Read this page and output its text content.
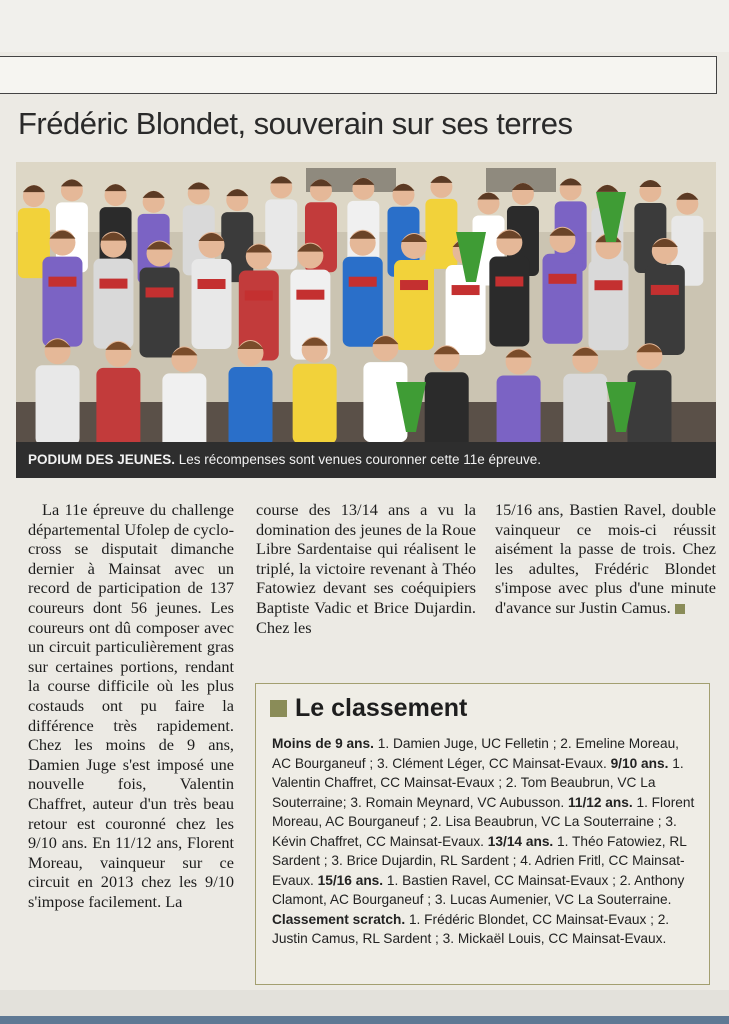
Frédéric Blondet, souverain sur ses terres
PODIUM DES JEUNES. Les récompenses sont venues couronner cette 11e épreuve.

La 11e épreuve du challenge départemental Ufolep de cyclo-cross se disputait dimanche dernier à Mainsat avec un record de participation de 137 coureurs dont 56 jeunes. Les coureurs ont dû composer avec un circuit particulièrement gras sur certaines portions, rendant la course difficile où les plus costauds ont pu faire la différence très rapidement. Chez les moins de 9 ans, Damien Juge s'est imposé une nouvelle fois, Valentin Chaffret, auteur d'un très beau retour est couronné chez les 9/10 ans. En 11/12 ans, Florent Moreau, vainqueur sur ce circuit en 2013 chez les 9/10 s'impose facilement. La

course des 13/14 ans a vu la domination des jeunes de la Roue Libre Sardentaise qui réalisent le triplé, la victoire revenant à Théo Fatowiez devant ses coéquipiers Baptiste Vadic et Brice Dujardin. Chez les

15/16 ans, Bastien Ravel, double vainqueur ce mois-ci réussit aisément la passe de trois. Chez les adultes, Frédéric Blondet s'impose avec plus d'une minute d'avance sur Justin Camus.

Le classement
Moins de 9 ans. 1. Damien Juge, UC Felletin ; 2. Emeline Moreau, AC Bourganeuf ; 3. Clément Léger, CC Mainsat-Evaux. 9/10 ans. 1. Valentin Chaffret, CC Mainsat-Evaux ; 2. Tom Beaubrun, VC La Souterraine; 3. Romain Meynard, VC Aubusson. 11/12 ans. 1. Florent Moreau, AC Bourganeuf ; 2. Lisa Beaubrun, VC La Souterraine ; 3. Kévin Chaffret, CC Mainsat-Evaux. 13/14 ans. 1. Théo Fatowiez, RL Sardent ; 3. Brice Dujardin, RL Sardent ; 4. Adrien Fritl, CC Mainsat-Evaux. 15/16 ans. 1. Bastien Ravel, CC Mainsat-Evaux ; 2. Anthony Clamont, AC Bourganeuf ; 3. Lucas Aumenier, VC La Souterraine. Classement scratch. 1. Frédéric Blondet, CC Mainsat-Evaux ; 2. Justin Camus, RL Sardent ; 3. Mickaël Louis, CC Mainsat-Evaux.
